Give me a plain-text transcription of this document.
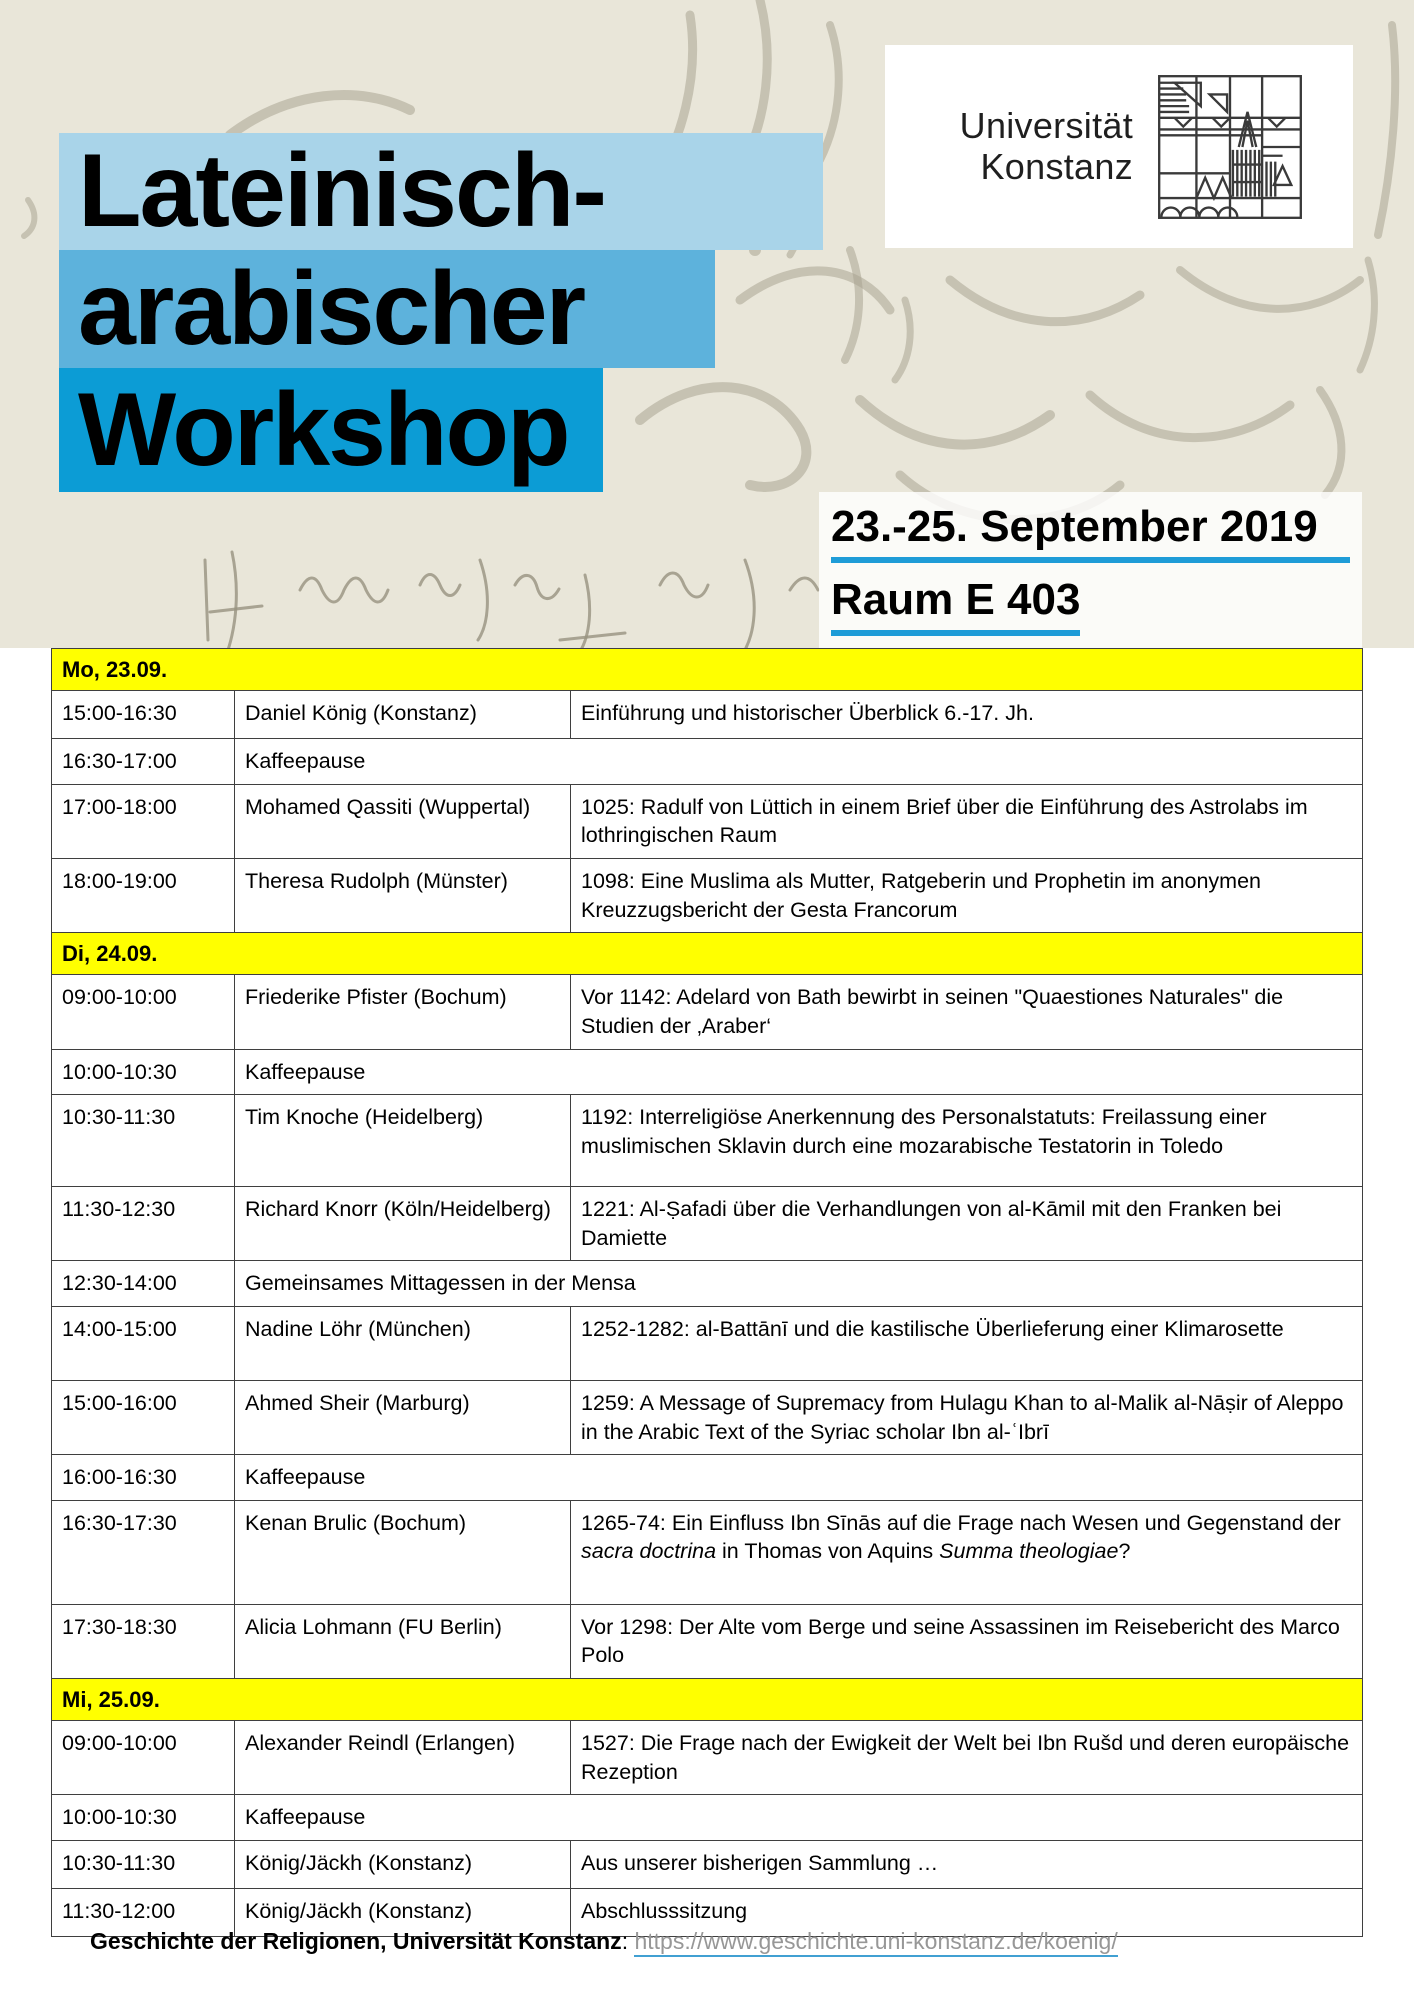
Universität
Konstanz
Lateinisch-
arabischer
Workshop
23.-25. September 2019
Raum E 403
Mo, 23.09.		
15:00-16:30	Daniel König (Konstanz)	Einführung und historischer Überblick 6.-17. Jh.
16:30-17:00	Kaffeepause	
17:00-18:00	Mohamed Qassiti (Wuppertal)	1025: Radulf von Lüttich in einem Brief über die Einführung des Astrolabs im lothringischen Raum
18:00-19:00	Theresa Rudolph (Münster)	1098: Eine Muslima als Mutter, Ratgeberin und Prophetin im anonymen Kreuzzugsbericht der Gesta Francorum
Di, 24.09.		
09:00-10:00	Friederike Pfister (Bochum)	Vor 1142: Adelard von Bath bewirbt in seinen "Quaestiones Naturales" die Studien der ‚Araber‘
10:00-10:30	Kaffeepause	
10:30-11:30	Tim Knoche (Heidelberg)	1192: Interreligiöse Anerkennung des Personalstatuts: Freilassung einer muslimischen Sklavin durch eine mozarabische Testatorin in Toledo
11:30-12:30	Richard Knorr (Köln/Heidelberg)	1221: Al-Ṣafadi über die Verhandlungen von al-Kāmil mit den Franken bei Damiette
12:30-14:00	Gemeinsames Mittagessen in der Mensa	
14:00-15:00	Nadine Löhr (München)	1252-1282: al-Battānī und die kastilische Überlieferung einer Klimarosette
15:00-16:00	Ahmed Sheir (Marburg)	1259: A Message of Supremacy from Hulagu Khan to al-Malik al-Nāṣir of Aleppo in the Arabic Text of the Syriac scholar Ibn al-ʿIbrī
16:00-16:30	Kaffeepause	
16:30-17:30	Kenan Brulic (Bochum)	1265-74: Ein Einfluss Ibn Sīnās auf die Frage nach Wesen und Gegenstand der sacra doctrina in Thomas von Aquins Summa theologiae?
17:30-18:30	Alicia Lohmann (FU Berlin)	Vor 1298: Der Alte vom Berge und seine Assassinen im Reisebericht des Marco Polo
Mi, 25.09.		
09:00-10:00	Alexander Reindl (Erlangen)	1527: Die Frage nach der Ewigkeit der Welt bei Ibn Rušd und deren europäische Rezeption
10:00-10:30	Kaffeepause	
10:30-11:30	König/Jäckh (Konstanz)	Aus unserer bisherigen Sammlung …
11:30-12:00	König/Jäckh (Konstanz)	Abschlusssitzung
Geschichte der Religionen, Universität Konstanz: https://www.geschichte.uni-konstanz.de/koenig/
